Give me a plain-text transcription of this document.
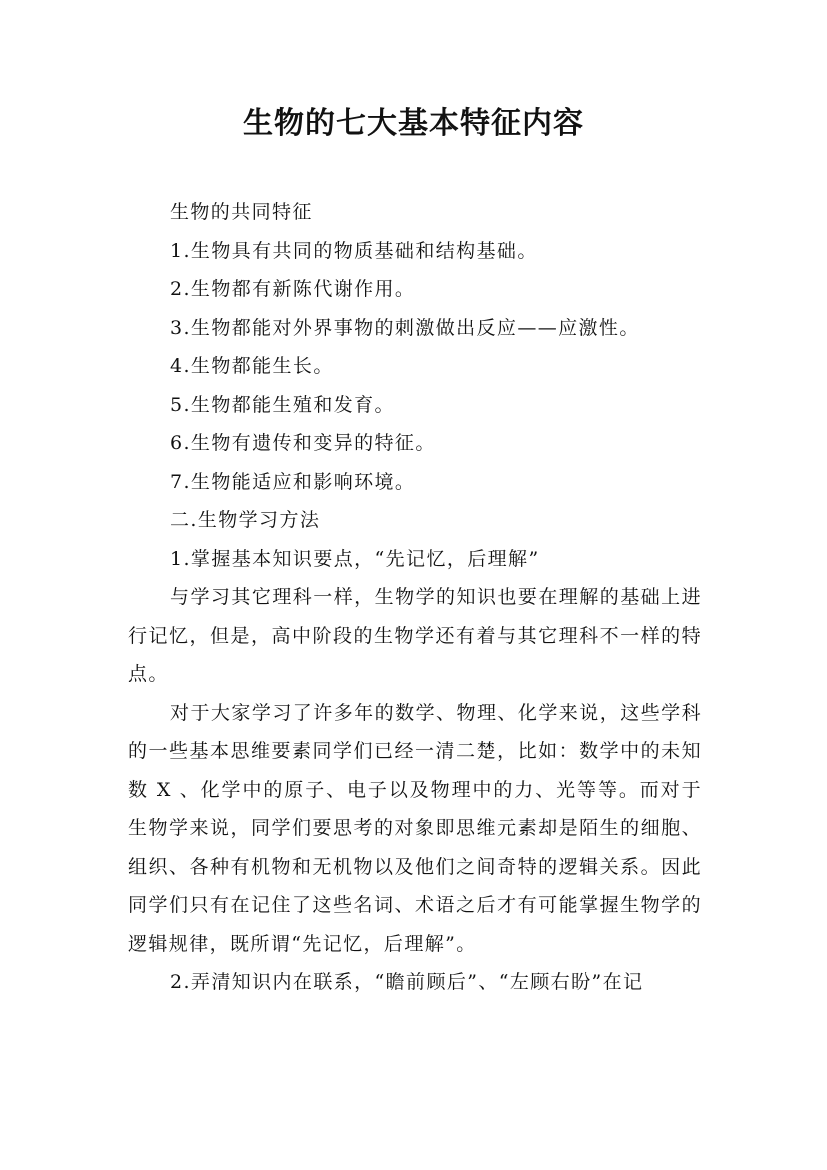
生物的七大基本特征内容
生物的共同特征
1.生物具有共同的物质基础和结构基础。
2.生物都有新陈代谢作用。
3.生物都能对外界事物的刺激做出反应——应激性。
4.生物都能生长。
5.生物都能生殖和发育。
6.生物有遗传和变异的特征。
7.生物能适应和影响环境。
二.生物学习方法
1.掌握基本知识要点，“先记忆，后理解”

与学习其它理科一样，生物学的知识也要在理解的基础上进行记忆，但是，高中阶段的生物学还有着与其它理科不一样的特点。

对于大家学习了许多年的数学、物理、化学来说，这些学科的一些基本思维要素同学们已经一清二楚，比如：数学中的未知数 X 、化学中的原子、电子以及物理中的力、光等等。而对于生物学来说，同学们要思考的对象即思维元素却是陌生的细胞、组织、各种有机物和无机物以及他们之间奇特的逻辑关系。因此同学们只有在记住了这些名词、术语之后才有可能掌握生物学的逻辑规律，既所谓“先记忆，后理解”。

2.弄清知识内在联系，“瞻前顾后”、“左顾右盼”在记
